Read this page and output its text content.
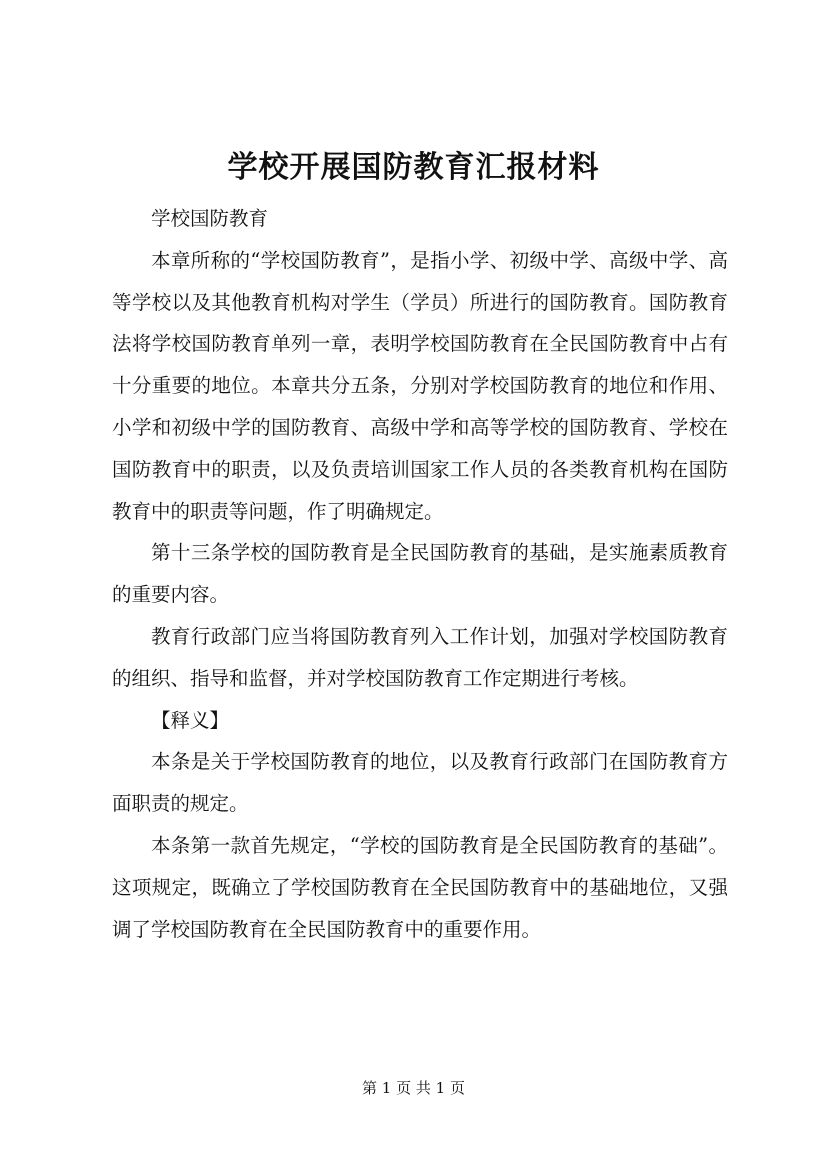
学校开展国防教育汇报材料

学校国防教育

本章所称的“学校国防教育”，是指小学、初级中学、高级中学、高等学校以及其他教育机构对学生（学员）所进行的国防教育。国防教育法将学校国防教育单列一章，表明学校国防教育在全民国防教育中占有十分重要的地位。本章共分五条，分别对学校国防教育的地位和作用、小学和初级中学的国防教育、高级中学和高等学校的国防教育、学校在国防教育中的职责，以及负责培训国家工作人员的各类教育机构在国防教育中的职责等问题，作了明确规定。

第十三条学校的国防教育是全民国防教育的基础，是实施素质教育的重要内容。

教育行政部门应当将国防教育列入工作计划，加强对学校国防教育的组织、指导和监督，并对学校国防教育工作定期进行考核。

【释义】

本条是关于学校国防教育的地位，以及教育行政部门在国防教育方面职责的规定。

本条第一款首先规定，“学校的国防教育是全民国防教育的基础”。这项规定，既确立了学校国防教育在全民国防教育中的基础地位，又强调了学校国防教育在全民国防教育中的重要作用。

第 1 页 共 1 页
